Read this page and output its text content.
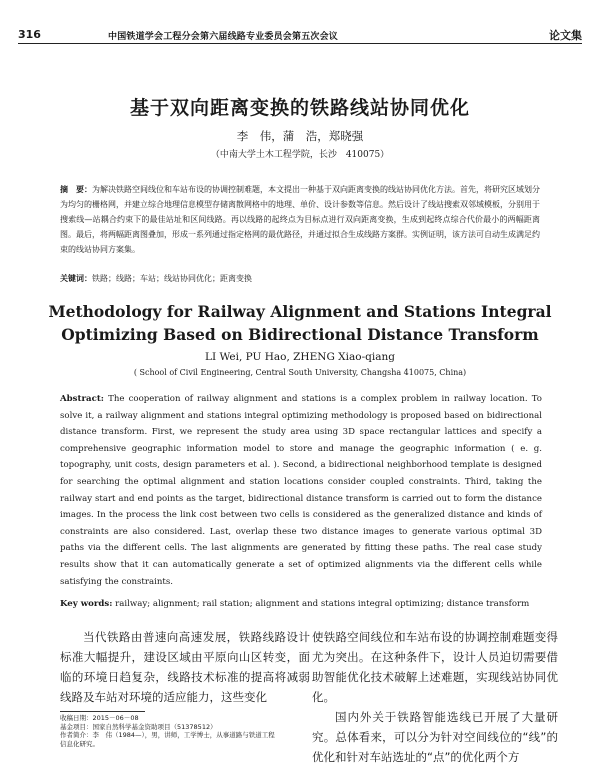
316	中国铁道学会工程分会第六届线路专业委员会第五次会议	论文集
基于双向距离变换的铁路线站协同优化
李　伟，蒲　浩，郑晓强
（中南大学土木工程学院，长沙　410075）
摘　要：为解决铁路空间线位和车站布设的协调控制难题，本文提出一种基于双向距离变换的线站协同优化方法。首先，将研究区域划分为均匀的栅格网，并建立综合地理信息模型存储离散网格中的地理、单价、设计参数等信息。然后设计了线站搜索双邻域模板，分别用于搜索线—站耦合约束下的最佳站址和区间线路。再以线路的起终点为目标点进行双向距离变换，生成到起终点综合代价最小的两幅距离图。最后，将两幅距离图叠加，形成一系列通过指定格网的最优路径，并通过拟合生成线路方案群。实例证明，该方法可自动生成满足约束的线站协同方案集。
关键词：铁路；线路；车站；线站协同优化；距离变换
Methodology for Railway Alignment and Stations Integral
Optimizing Based on Bidirectional Distance Transform
LI Wei, PU Hao, ZHENG Xiao-qiang
( School of Civil Engineering, Central South University, Changsha 410075, China)
Abstract: The cooperation of railway alignment and stations is a complex problem in railway location. To solve it, a railway alignment and stations integral optimizing methodology is proposed based on bidirectional distance transform. First, we represent the study area using 3D space rectangular lattices and specify a comprehensive geographic information model to store and manage the geographic information ( e. g. topography, unit costs, design parameters et al. ). Second, a bidirectional neighborhood template is designed for searching the optimal alignment and station locations consider coupled constraints. Third, taking the railway start and end points as the target, bidirectional distance transform is carried out to form the distance images. In the process the link cost between two cells is considered as the generalized distance and kinds of constraints are also considered. Last, overlap these two distance images to generate various optimal 3D paths via the different cells. The last alignments are generated by fitting these paths. The real case study results show that it can automatically generate a set of optimized alignments via the different cells while satisfying the constraints.
Key words: railway; alignment; rail station; alignment and stations integral optimizing; distance transform

当代铁路由普速向高速发展，铁路线路设计标准大幅提升，建设区域由平原向山区转变，面临的环境日趋复杂，线路技术标准的提高将减弱线路及车站对环境的适应能力，这些变化

使铁路空间线位和车站布设的协调控制难题变得尤为突出。在这种条件下，设计人员迫切需要借助智能优化技术破解上述难题，实现线站协同优化。

国内外关于铁路智能选线已开展了大量研究。总体看来，可以分为针对空间线位的“线”的优化和针对车站选址的“点”的优化两个方

收稿日期：2015－06－08
基金项目：国家自然科学基金资助项目（51378512）
作者简介：李　伟（1984—），男，讲师，工学博士，从事道路与铁道工程
信息化研究。
